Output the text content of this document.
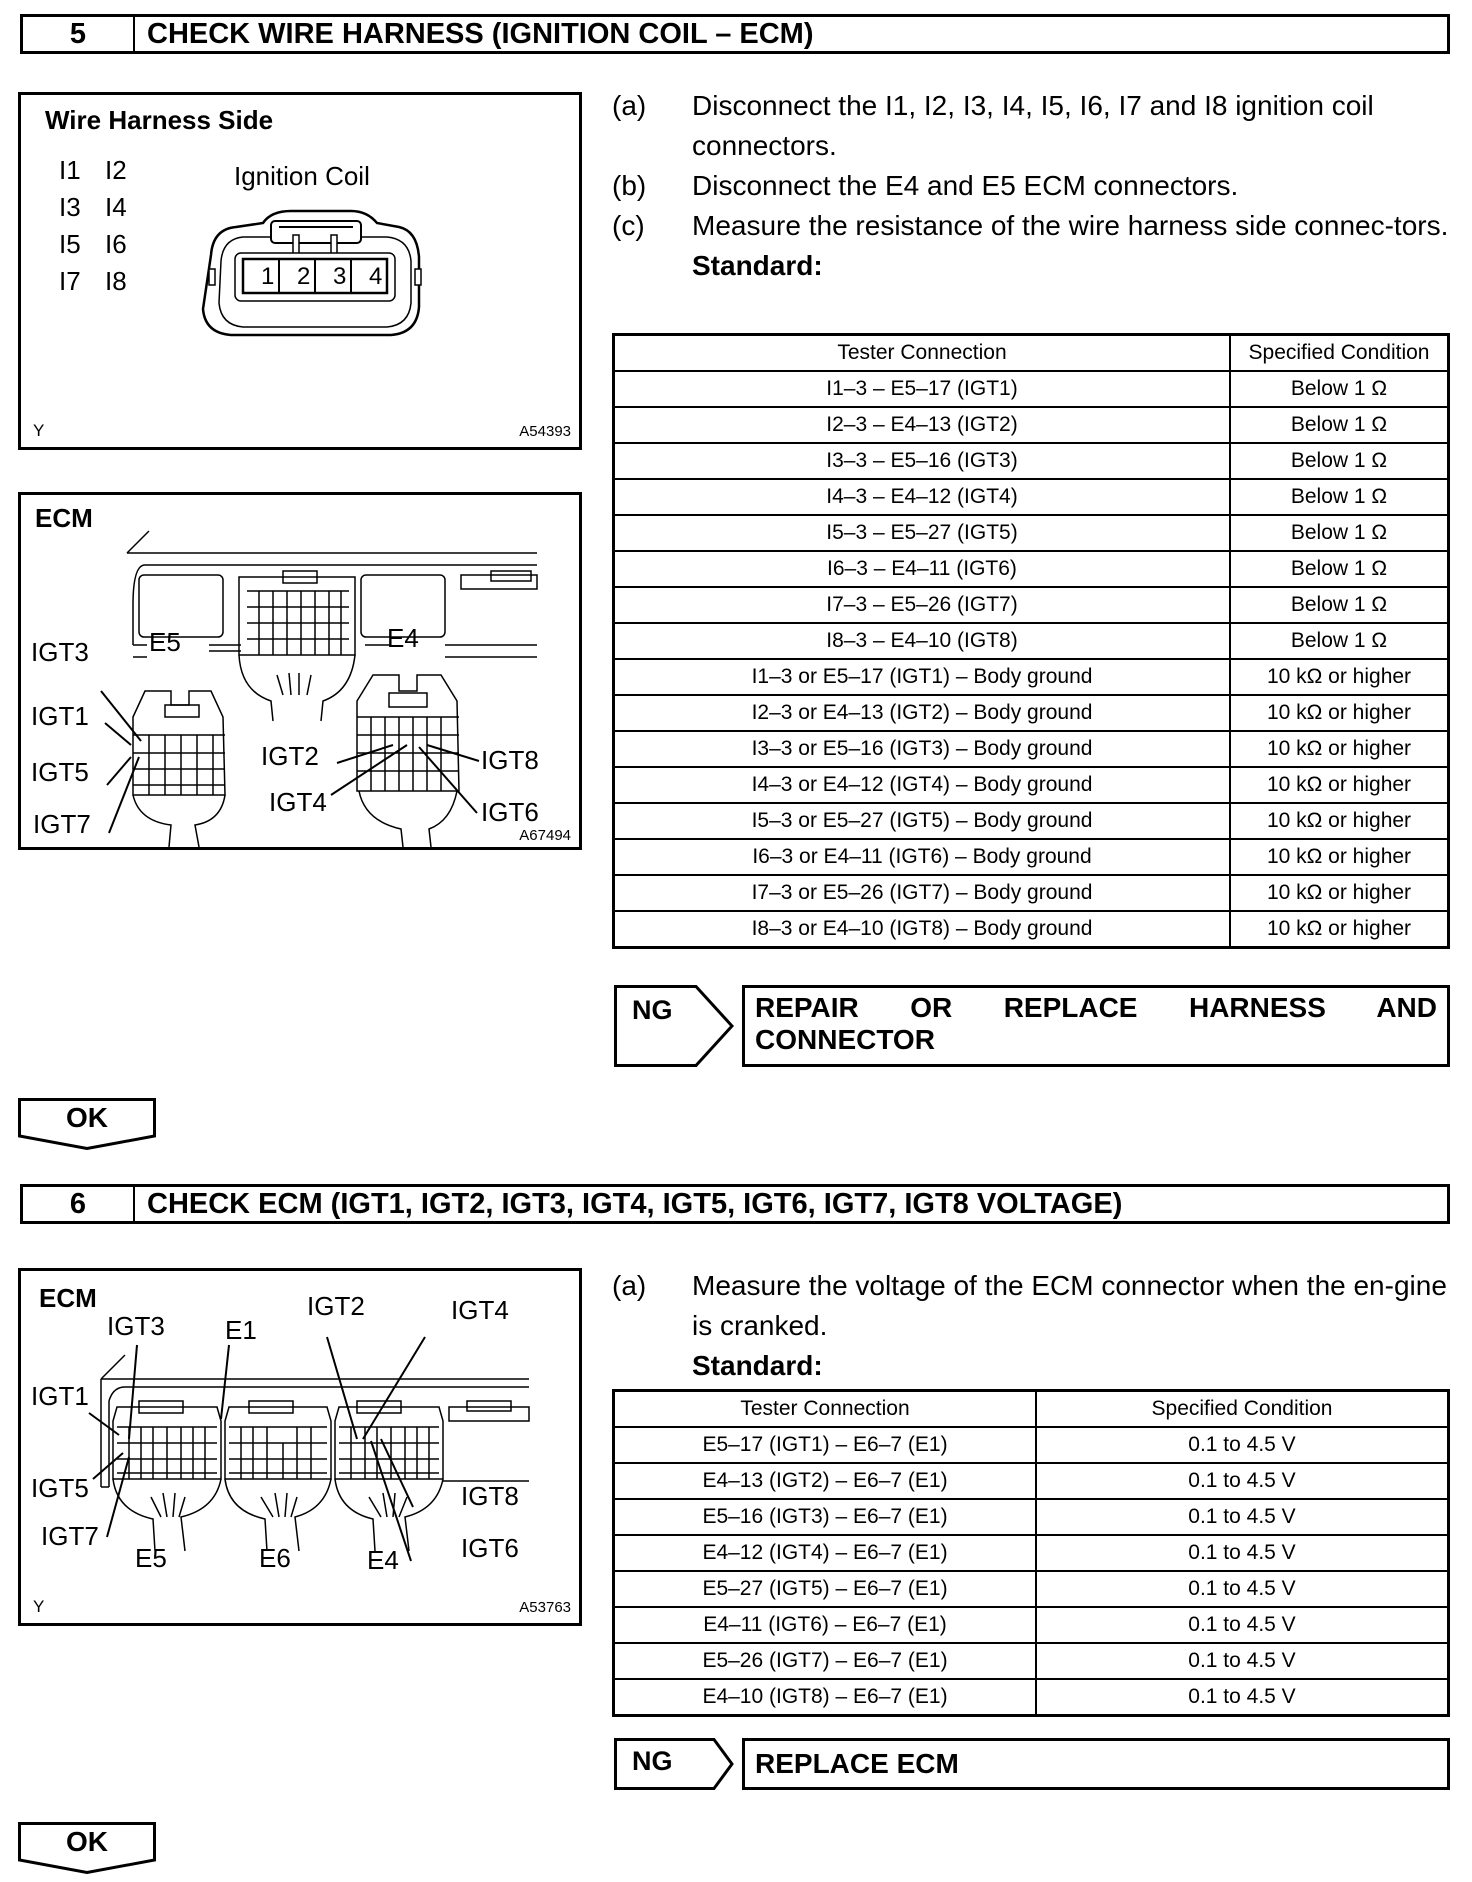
5	CHECK WIRE HARNESS (IGNITION COIL – ECM)
Wire Harness Side
I1 I2
I3 I4
I5 I6
I7 I8
Ignition Coil
1 2 3 4
Y	A54393
ECM
E5	E4
IGT3
IGT1
IGT5
IGT7
IGT2
IGT4
IGT8
IGT6
A67494
(a)	Disconnect the I1, I2, I3, I4, I5, I6, I7 and I8 ignition coil connectors.
(b)	Disconnect the E4 and E5 ECM connectors.
(c)	Measure the resistance of the wire harness side connec-tors.
Standard:
Tester Connection	Specified Condition
I1–3 – E5–17 (IGT1)	Below 1 Ω
I2–3 – E4–13 (IGT2)	Below 1 Ω
I3–3 – E5–16 (IGT3)	Below 1 Ω
I4–3 – E4–12 (IGT4)	Below 1 Ω
I5–3 – E5–27 (IGT5)	Below 1 Ω
I6–3 – E4–11 (IGT6)	Below 1 Ω
I7–3 – E5–26 (IGT7)	Below 1 Ω
I8–3 – E4–10 (IGT8)	Below 1 Ω
I1–3 or E5–17 (IGT1) – Body ground	10 kΩ or higher
I2–3 or E4–13 (IGT2) – Body ground	10 kΩ or higher
I3–3 or E5–16 (IGT3) – Body ground	10 kΩ or higher
I4–3 or E4–12 (IGT4) – Body ground	10 kΩ or higher
I5–3 or E5–27 (IGT5) – Body ground	10 kΩ or higher
I6–3 or E4–11 (IGT6) – Body ground	10 kΩ or higher
I7–3 or E5–26 (IGT7) – Body ground	10 kΩ or higher
I8–3 or E4–10 (IGT8) – Body ground	10 kΩ or higher
NG	REPAIR OR REPLACE HARNESS AND CONNECTOR
OK
6	CHECK ECM (IGT1, IGT2, IGT3, IGT4, IGT5, IGT6, IGT7, IGT8 VOLTAGE)
ECM
IGT3 E1
IGT2	IGT4
IGT1
IGT5
IGT7
IGT8
IGT6
E5	E6	E4
Y	A53763
(a)	Measure the voltage of the ECM connector when the en-gine is cranked.
Standard:
Tester Connection	Specified Condition
E5–17 (IGT1) – E6–7 (E1)	0.1 to 4.5 V
E4–13 (IGT2) – E6–7 (E1)	0.1 to 4.5 V
E5–16 (IGT3) – E6–7 (E1)	0.1 to 4.5 V
E4–12 (IGT4) – E6–7 (E1)	0.1 to 4.5 V
E5–27 (IGT5) – E6–7 (E1)	0.1 to 4.5 V
E4–11 (IGT6) – E6–7 (E1)	0.1 to 4.5 V
E5–26 (IGT7) – E6–7 (E1)	0.1 to 4.5 V
E4–10 (IGT8) – E6–7 (E1)	0.1 to 4.5 V
NG	REPLACE ECM
OK
